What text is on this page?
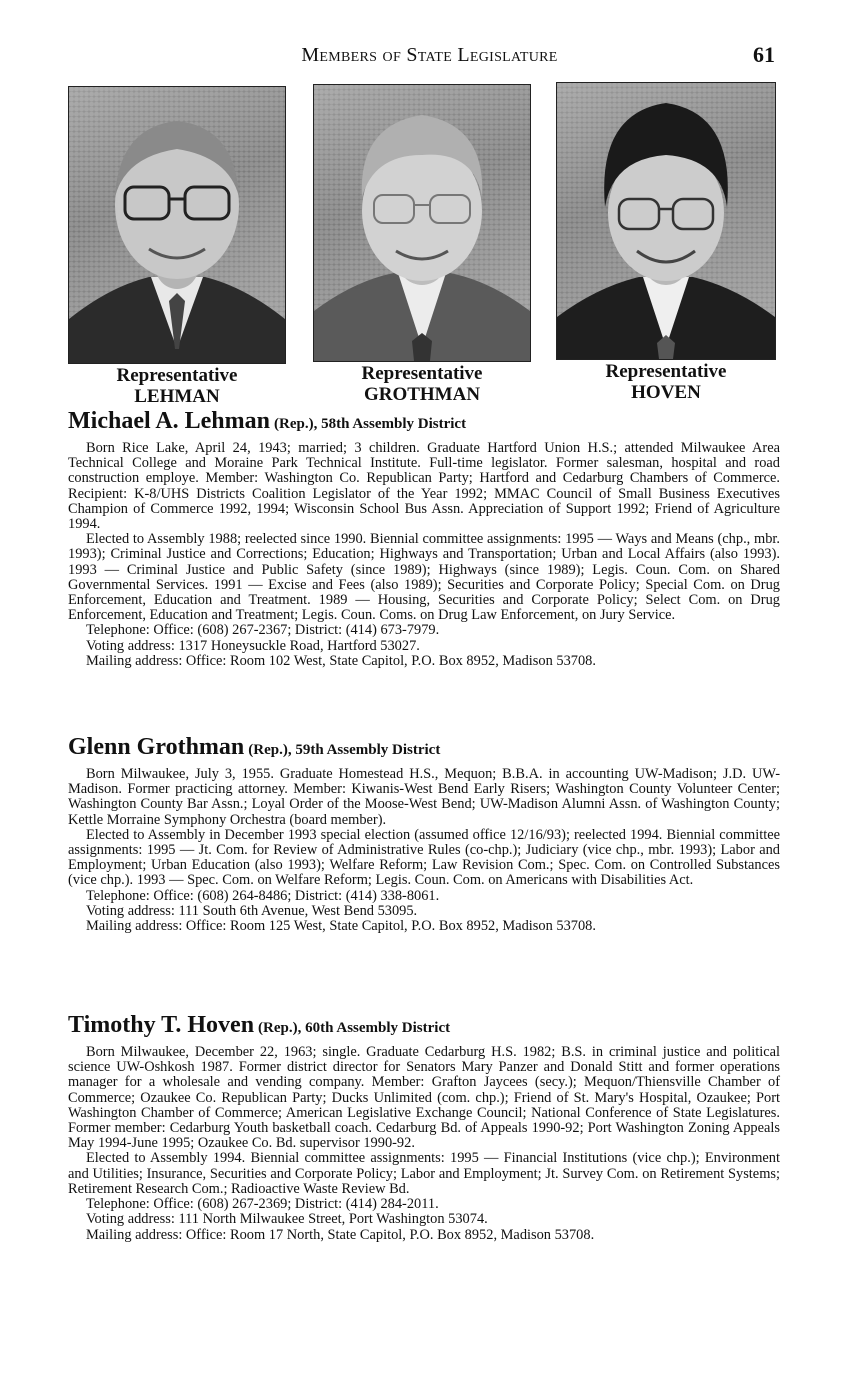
Members of State Legislature	61
Representative
LEHMAN
Representative
GROTHMAN
Representative
HOVEN
Michael A. Lehman (Rep.), 58th Assembly District

Born Rice Lake, April 24, 1943; married; 3 children. Graduate Hartford Union H.S.; attended Milwaukee Area Technical College and Moraine Park Technical Institute. Full-time legislator. Former salesman, hospital and road construction employe. Member: Washington Co. Republican Party; Hartford and Cedarburg Chambers of Commerce. Recipient: K-8/UHS Districts Coalition Legislator of the Year 1992; MMAC Council of Small Business Executives Champion of Commerce 1992, 1994; Wisconsin School Bus Assn. Appreciation of Support 1992; Friend of Agriculture 1994.

Elected to Assembly 1988; reelected since 1990. Biennial committee assignments: 1995 — Ways and Means (chp., mbr. 1993); Criminal Justice and Corrections; Education; Highways and Transportation; Urban and Local Affairs (also 1993). 1993 — Criminal Justice and Public Safety (since 1989); Highways (since 1989); Legis. Coun. Com. on Shared Governmental Services. 1991 — Excise and Fees (also 1989); Securities and Corporate Policy; Special Com. on Drug Enforcement, Education and Treatment. 1989 — Housing, Securities and Corporate Policy; Select Com. on Drug Enforcement, Education and Treatment; Legis. Coun. Coms. on Drug Law Enforcement, on Jury Service.

Telephone: Office: (608) 267-2367; District: (414) 673-7979.

Voting address: 1317 Honeysuckle Road, Hartford 53027.

Mailing address: Office: Room 102 West, State Capitol, P.O. Box 8952, Madison 53708.

Glenn Grothman (Rep.), 59th Assembly District

Born Milwaukee, July 3, 1955. Graduate Homestead H.S., Mequon; B.B.A. in accounting UW-Madison; J.D. UW-Madison. Former practicing attorney. Member: Kiwanis-West Bend Early Risers; Washington County Volunteer Center; Washington County Bar Assn.; Loyal Order of the Moose-West Bend; UW-Madison Alumni Assn. of Washington County; Kettle Morraine Symphony Orchestra (board member).

Elected to Assembly in December 1993 special election (assumed office 12/16/93); reelected 1994. Biennial committee assignments: 1995 — Jt. Com. for Review of Administrative Rules (co-chp.); Judiciary (vice chp., mbr. 1993); Labor and Employment; Urban Education (also 1993); Welfare Reform; Law Revision Com.; Spec. Com. on Controlled Substances (vice chp.). 1993 — Spec. Com. on Welfare Reform; Legis. Coun. Com. on Americans with Disabilities Act.

Telephone: Office: (608) 264-8486; District: (414) 338-8061.

Voting address: 111 South 6th Avenue, West Bend 53095.

Mailing address: Office: Room 125 West, State Capitol, P.O. Box 8952, Madison 53708.

Timothy T. Hoven (Rep.), 60th Assembly District

Born Milwaukee, December 22, 1963; single. Graduate Cedarburg H.S. 1982; B.S. in criminal justice and political science UW-Oshkosh 1987. Former district director for Senators Mary Panzer and Donald Stitt and former operations manager for a wholesale and vending company. Member: Grafton Jaycees (secy.); Mequon/Thiensville Chamber of Commerce; Ozaukee Co. Republican Party; Ducks Unlimited (com. chp.); Friend of St. Mary's Hospital, Ozaukee; Port Washington Chamber of Commerce; American Legislative Exchange Council; National Conference of State Legislatures. Former member: Cedarburg Youth basketball coach. Cedarburg Bd. of Appeals 1990-92; Port Washington Zoning Appeals May 1994-June 1995; Ozaukee Co. Bd. supervisor 1990-92.

Elected to Assembly 1994. Biennial committee assignments: 1995 — Financial Institutions (vice chp.); Environment and Utilities; Insurance, Securities and Corporate Policy; Labor and Employment; Jt. Survey Com. on Retirement Systems; Retirement Research Com.; Radioactive Waste Review Bd.

Telephone: Office: (608) 267-2369; District: (414) 284-2011.

Voting address: 111 North Milwaukee Street, Port Washington 53074.

Mailing address: Office: Room 17 North, State Capitol, P.O. Box 8952, Madison 53708.
